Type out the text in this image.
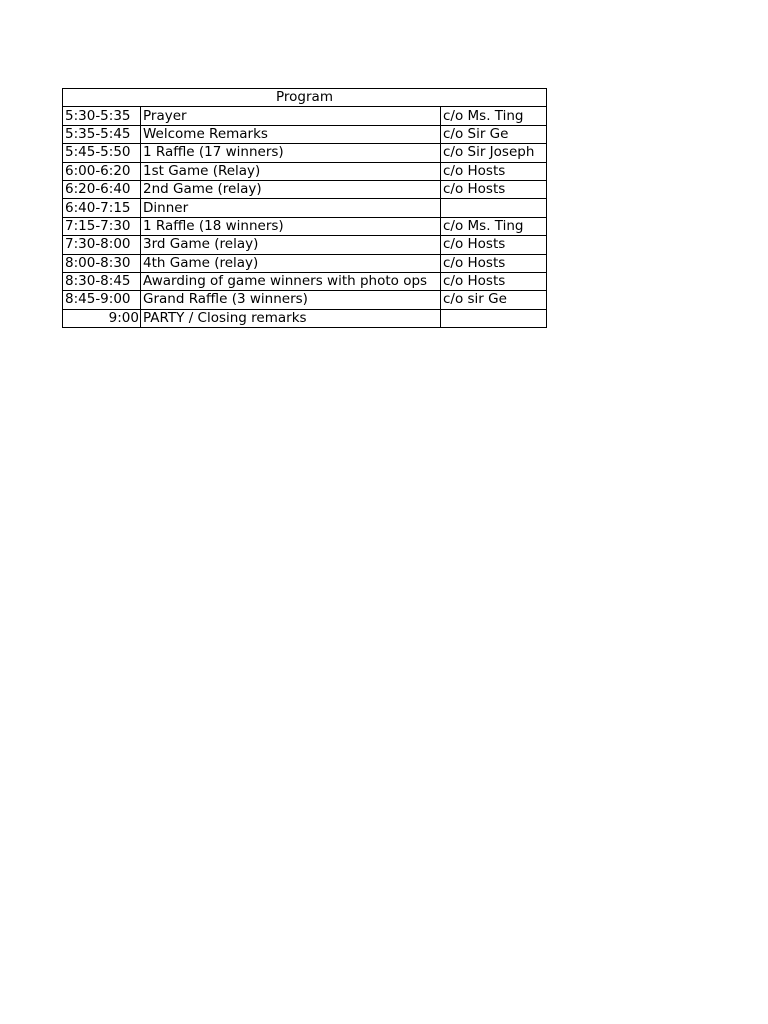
Program		
5:30-5:35	Prayer	c/o Ms. Ting
5:35-5:45	Welcome Remarks	c/o Sir Ge
5:45-5:50	1 Raffle (17 winners)	c/o Sir Joseph
6:00-6:20	1st Game (Relay)	c/o Hosts
6:20-6:40	2nd Game (relay)	c/o Hosts
6:40-7:15	Dinner	
7:15-7:30	1 Raffle (18 winners)	c/o Ms. Ting
7:30-8:00	3rd Game (relay)	c/o Hosts
8:00-8:30	4th Game (relay)	c/o Hosts
8:30-8:45	Awarding of game winners with photo ops	c/o Hosts
8:45-9:00	Grand Raffle (3 winners)	c/o sir Ge
9:00	PARTY / Closing remarks	
